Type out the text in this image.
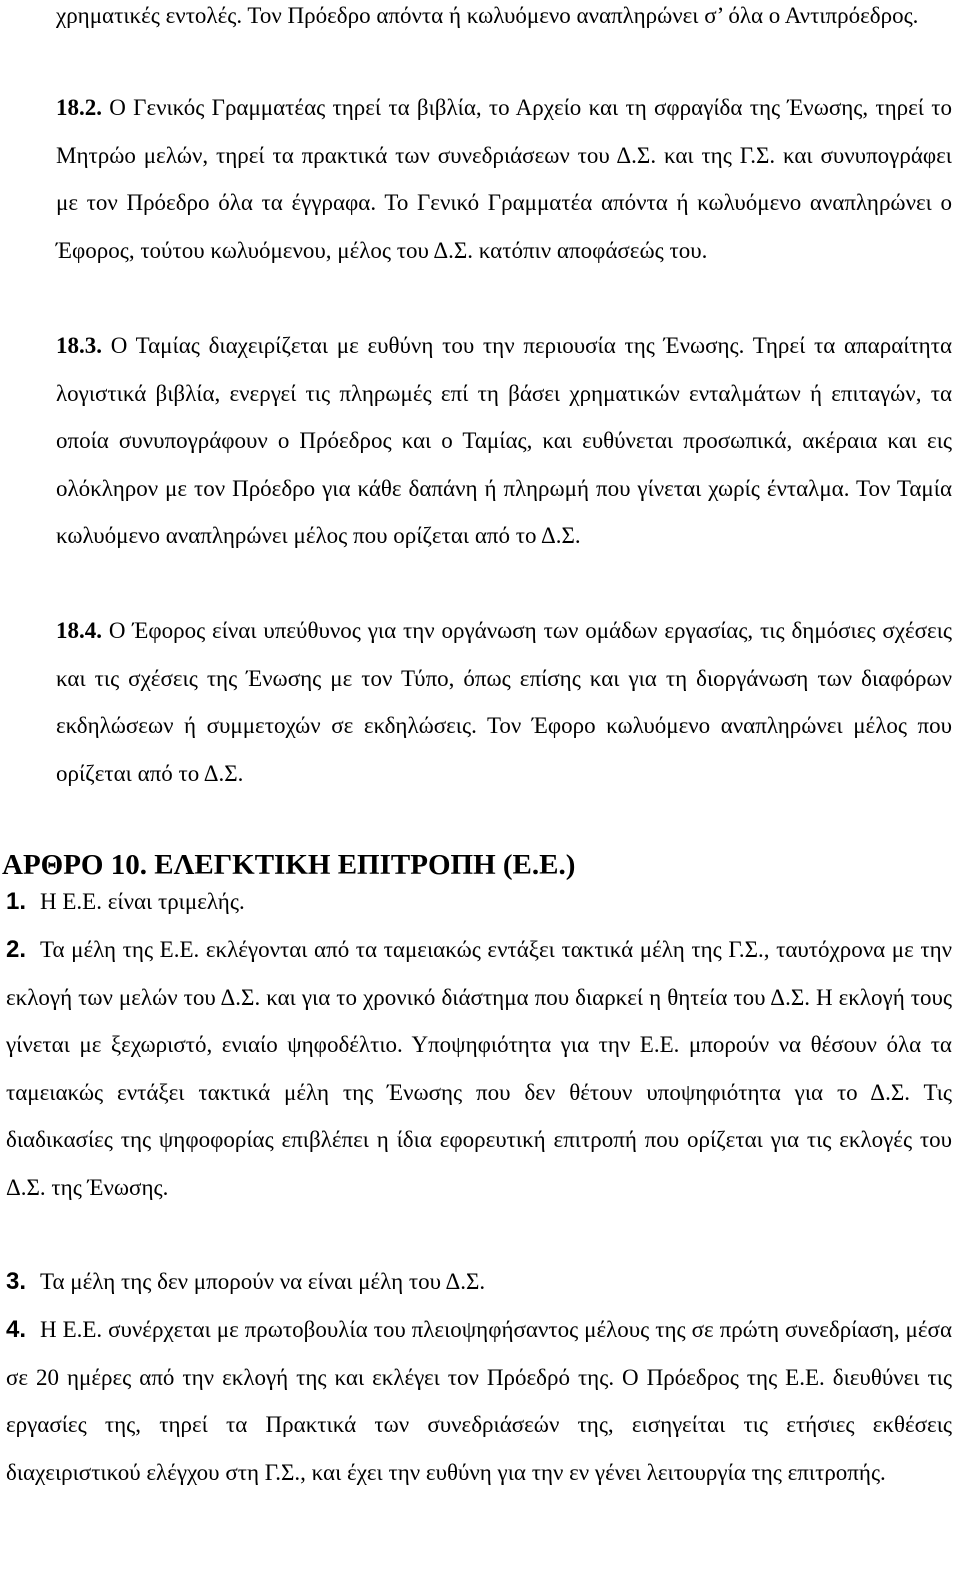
χρηματικές εντολές. Τον Πρόεδρο απόντα ή κωλυόμενο αναπληρώνει σ’ όλα ο Αντιπρόεδρος.

18.2. Ο Γενικός Γραμματέας τηρεί τα βιβλία, το Αρχείο και τη σφραγίδα της Ένωσης, τηρεί το Μητρώο μελών, τηρεί τα πρακτικά των συνεδριάσεων του Δ.Σ. και της Γ.Σ. και συνυπογράφει με τον Πρόεδρο όλα τα έγγραφα. Το Γενικό Γραμματέα απόντα ή κωλυόμενο αναπληρώνει ο Έφορος, τούτου κωλυόμενου, μέλος του Δ.Σ. κατόπιν αποφάσεώς του.

18.3. Ο Ταμίας διαχειρίζεται με ευθύνη του την περιουσία της Ένωσης. Τηρεί τα απαραίτητα λογιστικά βιβλία, ενεργεί τις πληρωμές επί τη βάσει χρηματικών ενταλμάτων ή επιταγών, τα οποία συνυπογράφουν ο Πρόεδρος και ο Ταμίας, και ευθύνεται προσωπικά, ακέραια και εις ολόκληρον με τον Πρόεδρο για κάθε δαπάνη ή πληρωμή που γίνεται χωρίς ένταλμα. Τον Ταμία κωλυόμενο αναπληρώνει μέλος που ορίζεται από το Δ.Σ.

18.4. Ο Έφορος είναι υπεύθυνος για την οργάνωση των ομάδων εργασίας, τις δημόσιες σχέσεις και τις σχέσεις της Ένωσης με τον Τύπο, όπως επίσης και για τη διοργάνωση των διαφόρων εκδηλώσεων ή συμμετοχών σε εκδηλώσεις. Τον Έφορο κωλυόμενο αναπληρώνει μέλος που ορίζεται από το Δ.Σ.

ΑΡΘΡΟ 10. ΕΛΕΓΚΤΙΚΗ ΕΠΙΤΡΟΠΗ (Ε.Ε.)

1. Η Ε.Ε. είναι τριμελής.

2. Τα μέλη της Ε.Ε. εκλέγονται από τα ταμειακώς εντάξει τακτικά μέλη της Γ.Σ., ταυτόχρονα με την εκλογή των μελών του Δ.Σ. και για το χρονικό διάστημα που διαρκεί η θητεία του Δ.Σ. Η εκλογή τους γίνεται με ξεχωριστό, ενιαίο ψηφοδέλτιο. Υποψηφιότητα για την Ε.Ε. μπορούν να θέσουν όλα τα ταμειακώς εντάξει τακτικά μέλη της Ένωσης που δεν θέτουν υποψηφιότητα για το Δ.Σ. Τις διαδικασίες της ψηφοφορίας επιβλέπει η ίδια εφορευτική επιτροπή που ορίζεται για τις εκλογές του Δ.Σ. της Ένωσης.

3. Τα μέλη της δεν μπορούν να είναι μέλη του Δ.Σ.

4. Η Ε.Ε. συνέρχεται με πρωτοβουλία του πλειοψηφήσαντος μέλους της σε πρώτη συνεδρίαση, μέσα σε 20 ημέρες από την εκλογή της και εκλέγει τον Πρόεδρό της. Ο Πρόεδρος της Ε.Ε. διευθύνει τις εργασίες της, τηρεί τα Πρακτικά των συνεδριάσεών της, εισηγείται τις ετήσιες εκθέσεις διαχειριστικού ελέγχου στη Γ.Σ., και έχει την ευθύνη για την εν γένει λειτουργία της επιτροπής.
